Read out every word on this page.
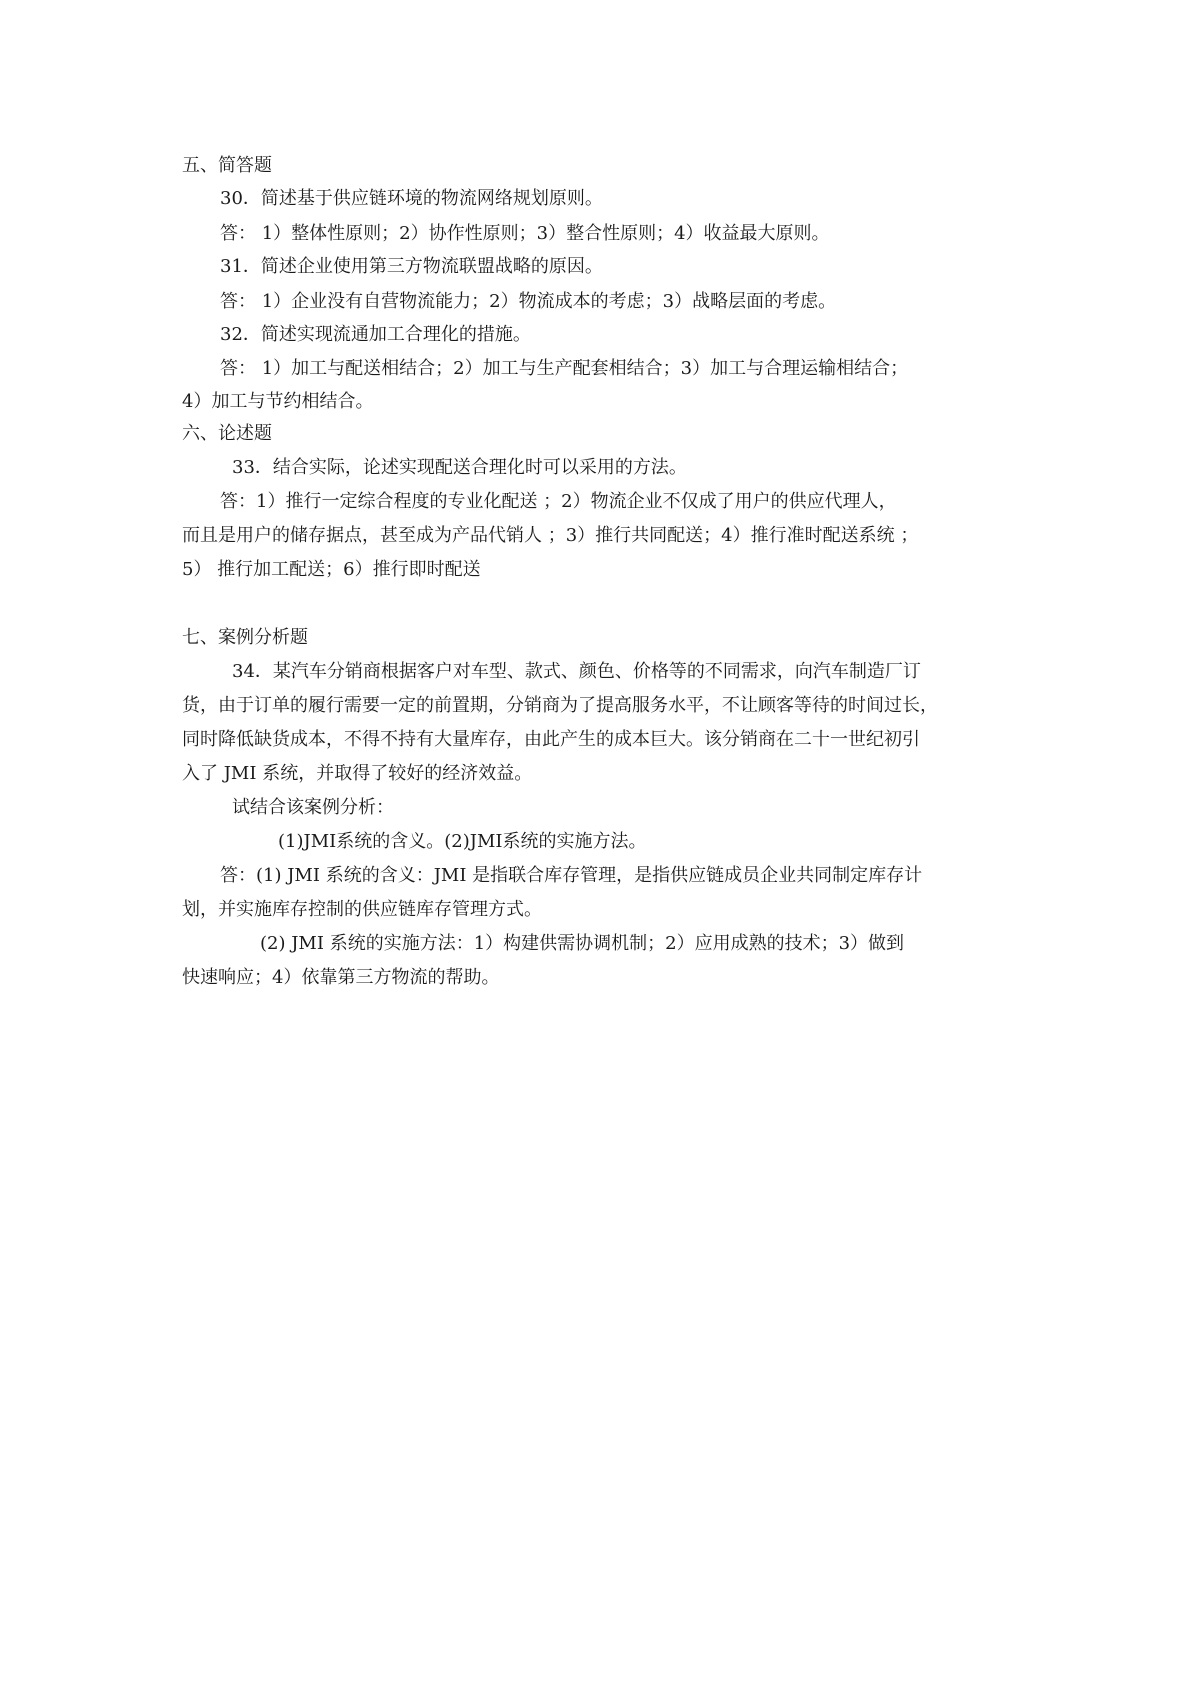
五、简答题

30．简述基于供应链环境的物流网络规划原则。

答： 1）整体性原则；2）协作性原则；3）整合性原则；4）收益最大原则。

31．简述企业使用第三方物流联盟战略的原因。

答： 1）企业没有自营物流能力；2）物流成本的考虑；3）战略层面的考虑。

32．简述实现流通加工合理化的措施。

答： 1）加工与配送相结合；2）加工与生产配套相结合；3）加工与合理运输相结合；

4）加工与节约相结合。

六、论述题

33．结合实际，论述实现配送合理化时可以采用的方法。

答：1）推行一定综合程度的专业化配送 ；2）物流企业不仅成了用户的供应代理人，

而且是用户的储存据点，甚至成为产品代销人 ；3）推行共同配送；4）推行准时配送系统 ；

5） 推行加工配送；6）推行即时配送

七、案例分析题

34．某汽车分销商根据客户对车型、款式、颜色、价格等的不同需求，向汽车制造厂订

货，由于订单的履行需要一定的前置期，分销商为了提高服务水平，不让顾客等待的时间过长，

同时降低缺货成本，不得不持有大量库存，由此产生的成本巨大。该分销商在二十一世纪初引

入了 JMI 系统，并取得了较好的经济效益。

试结合该案例分析：

(1)JMI系统的含义。(2)JMI系统的实施方法。

答：(1) JMI 系统的含义：JMI 是指联合库存管理，是指供应链成员企业共同制定库存计

划，并实施库存控制的供应链库存管理方式。

(2) JMI 系统的实施方法：1）构建供需协调机制；2）应用成熟的技术；3）做到

快速响应；4）依靠第三方物流的帮助。
